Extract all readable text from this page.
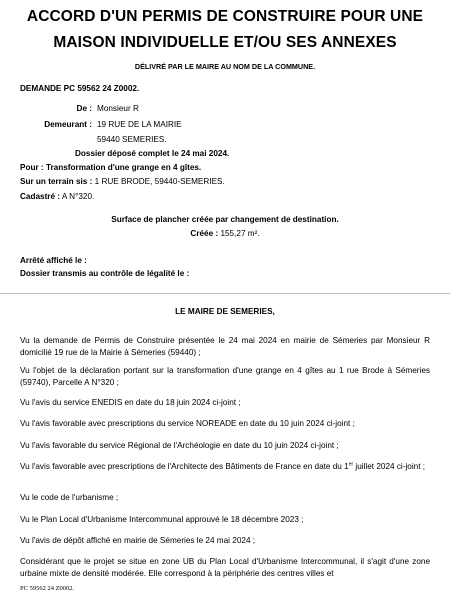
ACCORD D'UN PERMIS DE CONSTRUIRE POUR UNE
MAISON INDIVIDUELLE ET/OU SES ANNEXES
DÉLIVRÉ PAR LE MAIRE AU NOM DE LA COMMUNE.
DEMANDE PC 59562 24 Z0002.
De : Monsieur R
Demeurant : 19 RUE DE LA MAIRIE
59440 SEMERIES.
Dossier déposé complet le 24 mai 2024.
Pour : Transformation d'une grange en 4 gîtes.
Sur un terrain sis : 1 RUE BRODE, 59440-SEMERIES.
Cadastré : A N°320.
Surface de plancher créée par changement de destination.
Créée : 155,27 m².
Arrêté affiché le :
Dossier transmis au contrôle de légalité le :
LE MAIRE DE SEMERIES,
Vu la demande de Permis de Construire présentée le 24 mai 2024 en mairie de Sémeries par Monsieur R domicilié 19 rue de la Mairie à Sémeries (59440) ;
Vu l'objet de la déclaration portant sur la transformation d'une grange en 4 gîtes au 1 rue Brode à Sémeries (59740), Parcelle A N°320 ;
Vu l'avis du service ENEDIS en date du 18 juin 2024 ci-joint ;
Vu l'avis favorable avec prescriptions du service NOREADE en date du 10 juin 2024 ci-joint ;
Vu l'avis favorable du service Régional de l'Archéologie en date du 10 juin 2024 ci-joint ;
Vu l'avis favorable avec prescriptions de l'Architecte des Bâtiments de France en date du 1er juillet 2024 ci-joint ;
Vu le code de l'urbanisme ;
Vu le Plan Local d'Urbanisme Intercommunal approuvé le 18 décembre 2023 ;
Vu l'avis de dépôt affiché en mairie de Sémeries le 24 mai 2024 ;
Considérant que le projet se situe en zone UB du Plan Local d'Urbanisme Intercommunal, il s'agit d'une zone urbaine mixte de densité modérée. Elle correspond à la périphérie des centres villes et
PC 59562 24 Z0002.
